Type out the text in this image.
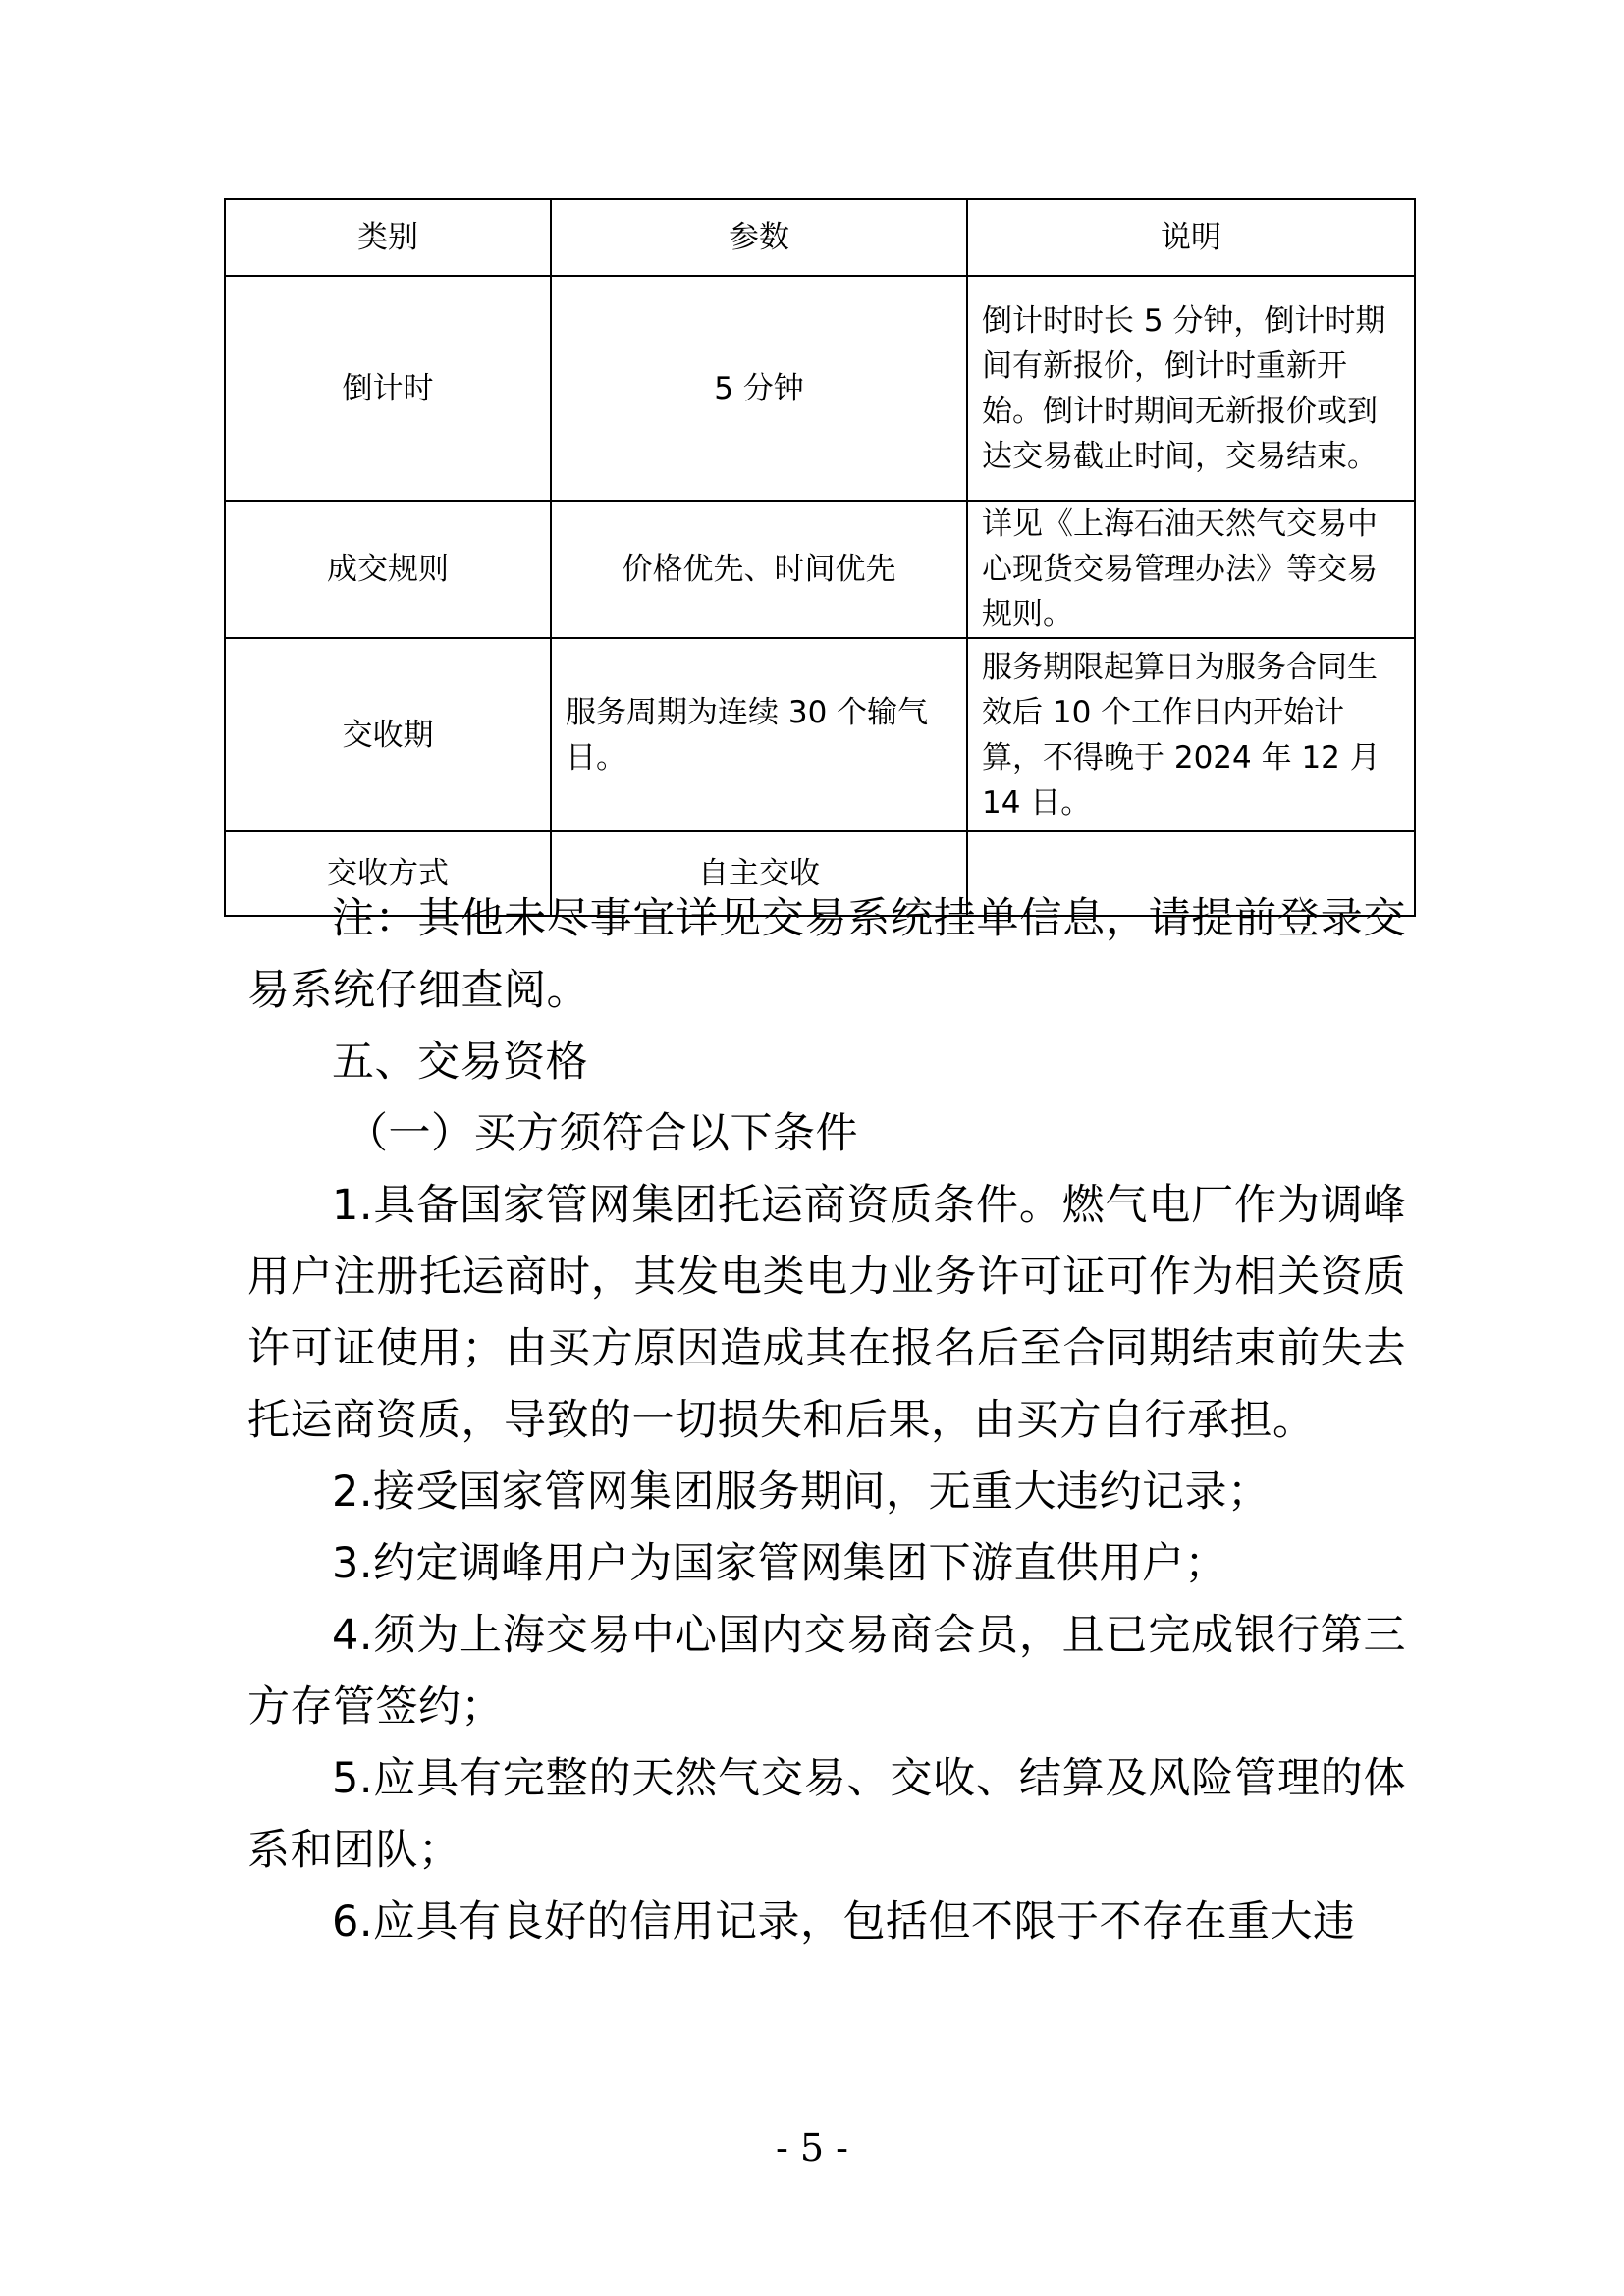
类别	参数	说明
倒计时	5 分钟	倒计时时长 5 分钟，倒计时期间有新报价，倒计时重新开始。倒计时期间无新报价或到达交易截止时间，交易结束。
成交规则	价格优先、时间优先	详见《上海石油天然气交易中心现货交易管理办法》等交易规则。
交收期	服务周期为连续 30 个输气日。	服务期限起算日为服务合同生效后 10 个工作日内开始计算，不得晚于 2024 年 12 月 14 日。
交收方式	自主交收	

注：其他未尽事宜详见交易系统挂单信息，请提前登录交易系统仔细查阅。

五、交易资格

（一）买方须符合以下条件

1.具备国家管网集团托运商资质条件。燃气电厂作为调峰用户注册托运商时，其发电类电力业务许可证可作为相关资质许可证使用；由买方原因造成其在报名后至合同期结束前失去托运商资质，导致的一切损失和后果，由买方自行承担。

2.接受国家管网集团服务期间，无重大违约记录；

3.约定调峰用户为国家管网集团下游直供用户；

4.须为上海交易中心国内交易商会员，且已完成银行第三方存管签约；

5.应具有完整的天然气交易、交收、结算及风险管理的体系和团队；

6.应具有良好的信用记录，包括但不限于不存在重大违

- 5 -
